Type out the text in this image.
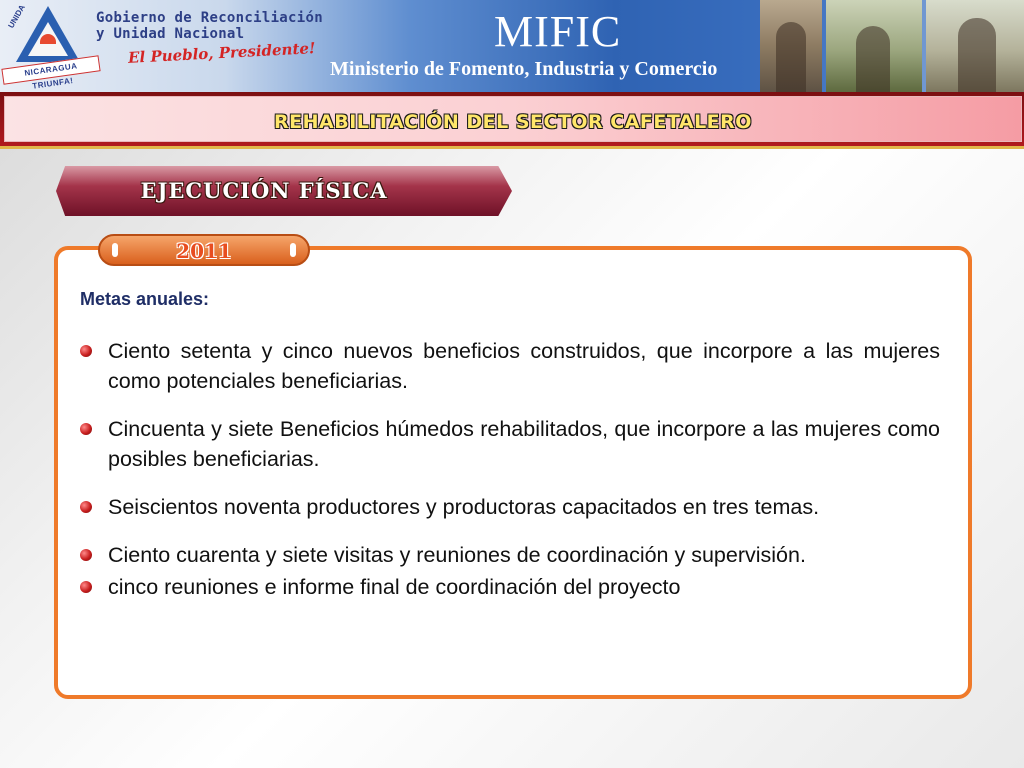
UNIDA
NICARAGUA TRIUNFA!
Gobierno de Reconciliación
y Unidad Nacional
El Pueblo, Presidente!	MIFIC
Ministerio de Fomento, Industria y Comercio
REHABILITACIÓN DEL SECTOR CAFETALERO
EJECUCIÓN FÍSICA
2011
Metas anuales:
Ciento setenta y cinco nuevos beneficios construidos, que incorpore a las mujeres como potenciales beneficiarias.
Cincuenta y siete Beneficios húmedos rehabilitados, que incorpore a las mujeres como posibles beneficiarias.
Seiscientos noventa productores y productoras capacitados en tres temas.
Ciento cuarenta y siete visitas y reuniones de coordinación y supervisión.
cinco reuniones e informe final de coordinación del proyecto
